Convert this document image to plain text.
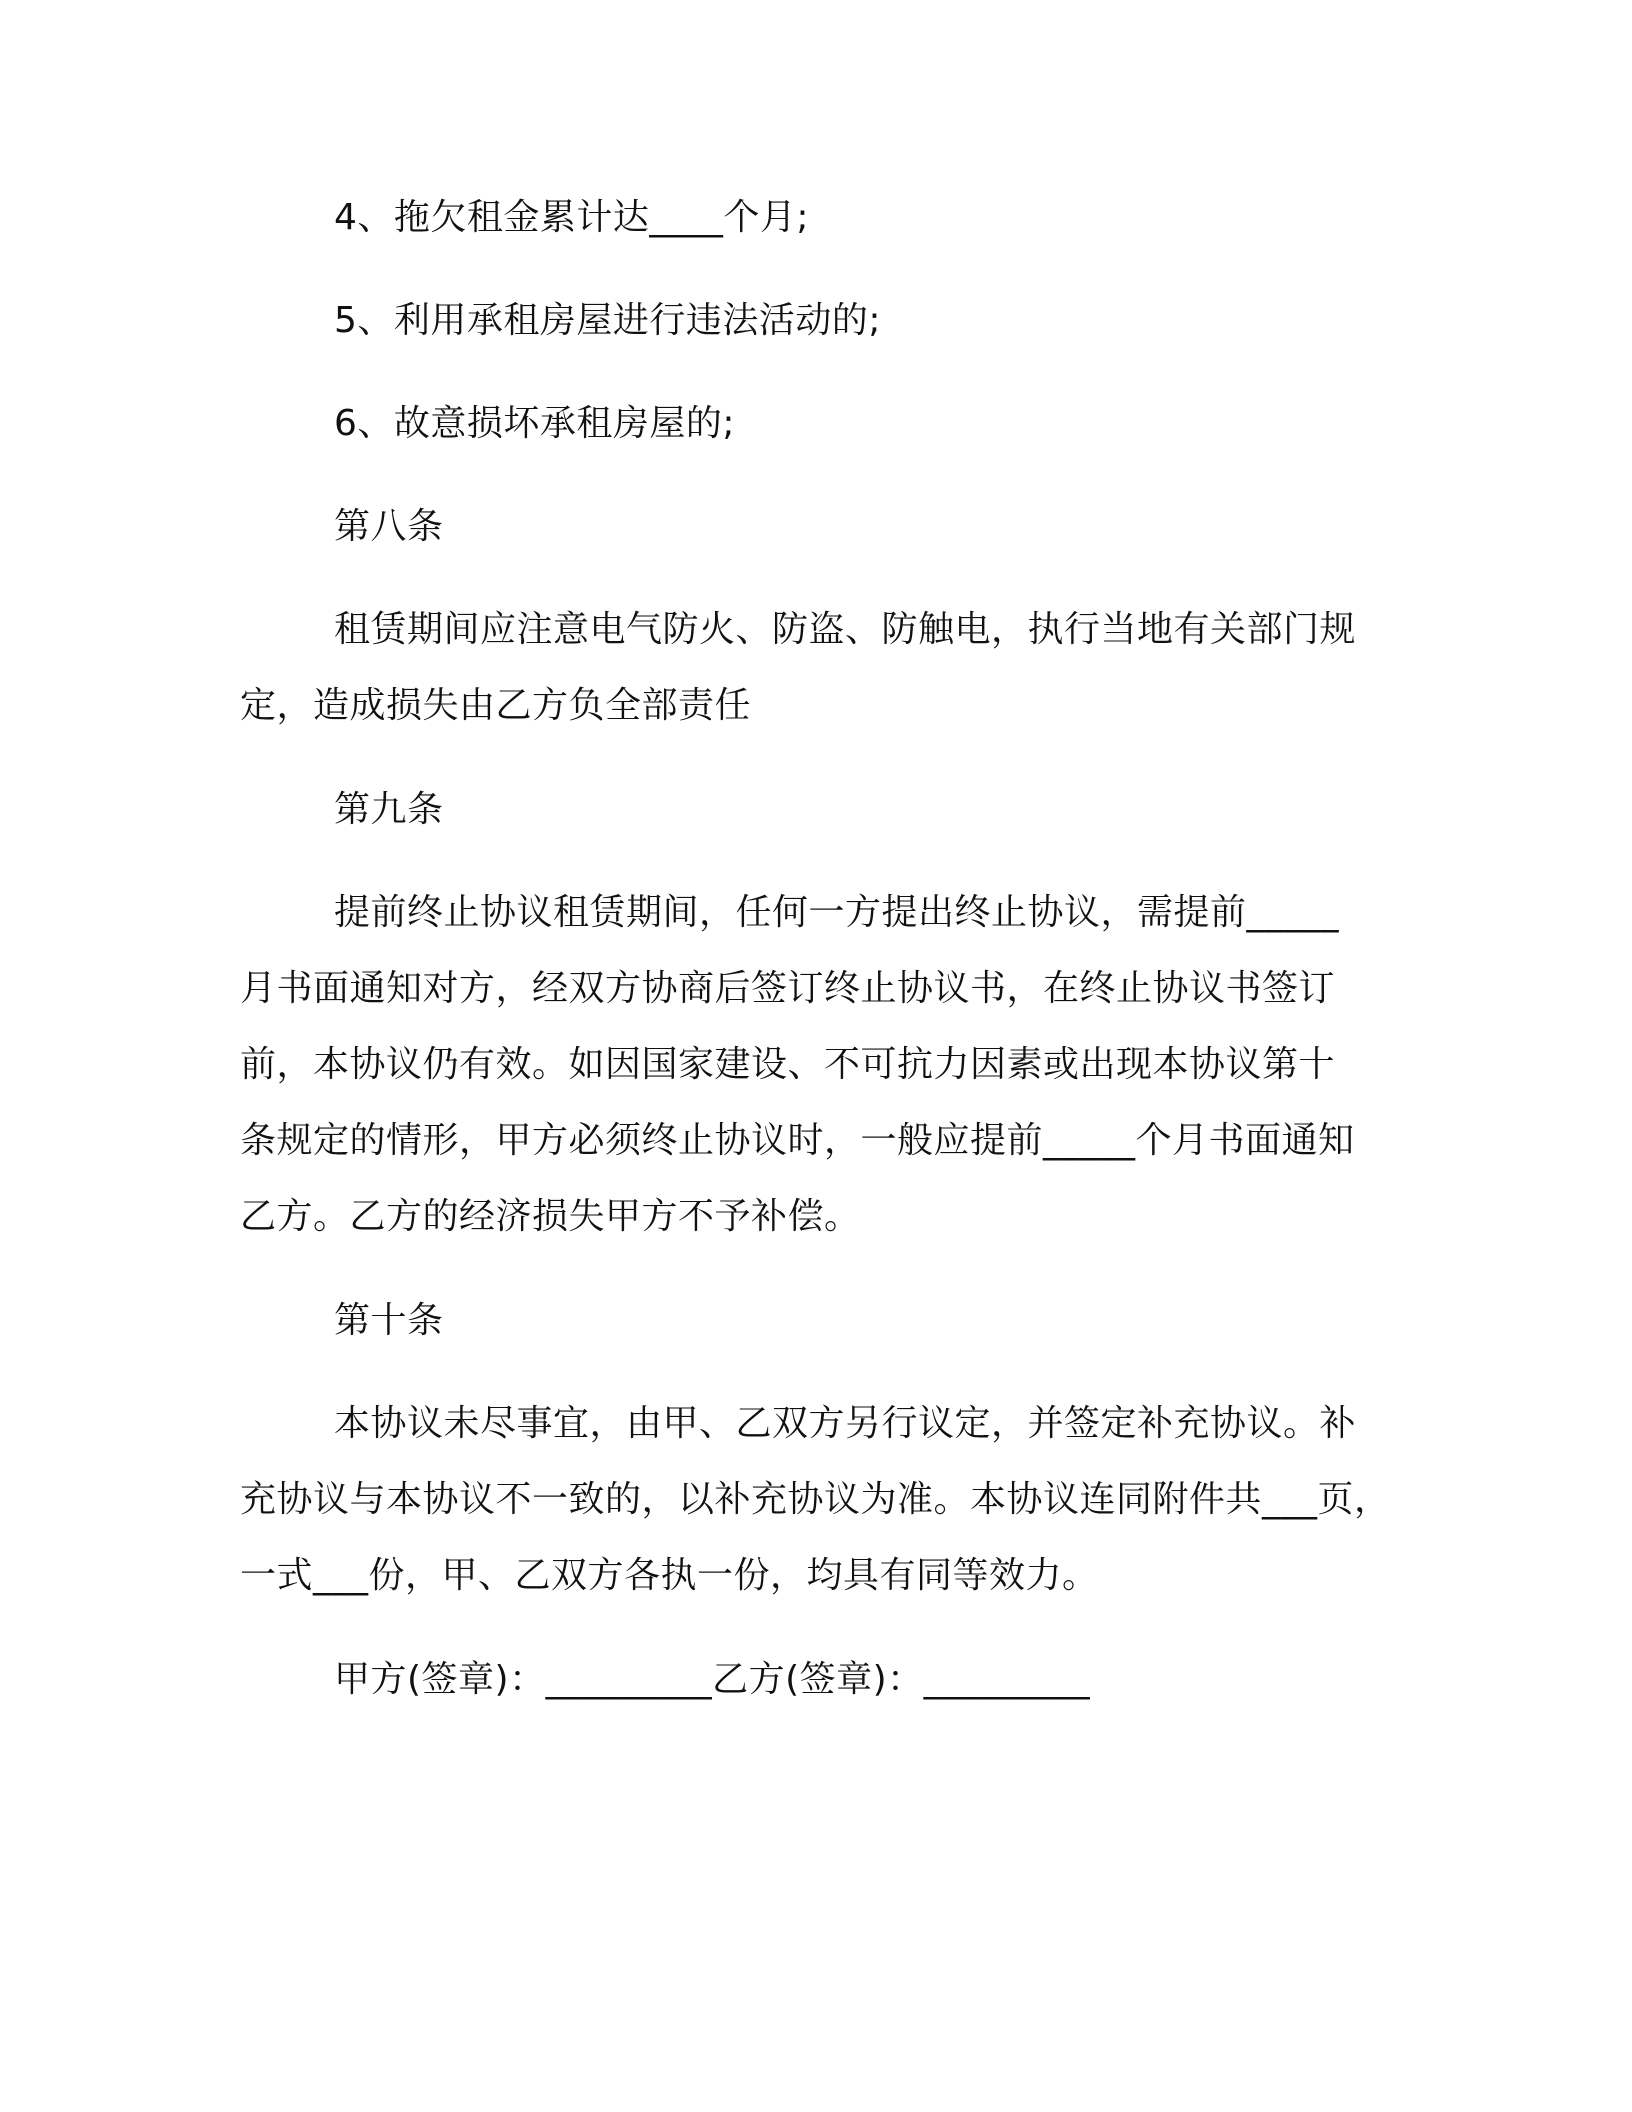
4、拖欠租金累计达____个月;
5、利用承租房屋进行违法活动的;
6、故意损坏承租房屋的;
第八条
租赁期间应注意电气防火、防盗、防触电，执行当地有关部门规
定，造成损失由乙方负全部责任
第九条
提前终止协议租赁期间，任何一方提出终止协议，需提前_____
月书面通知对方，经双方协商后签订终止协议书，在终止协议书签订
前，本协议仍有效。如因国家建设、不可抗力因素或出现本协议第十
条规定的情形，甲方必须终止协议时，一般应提前_____个月书面通知
乙方。乙方的经济损失甲方不予补偿。
第十条
本协议未尽事宜，由甲、乙双方另行议定，并签定补充协议。补
充协议与本协议不一致的，以补充协议为准。本协议连同附件共___页，
一式___份，甲、乙双方各执一份，均具有同等效力。
甲方(签章)：_________乙方(签章)：_________
